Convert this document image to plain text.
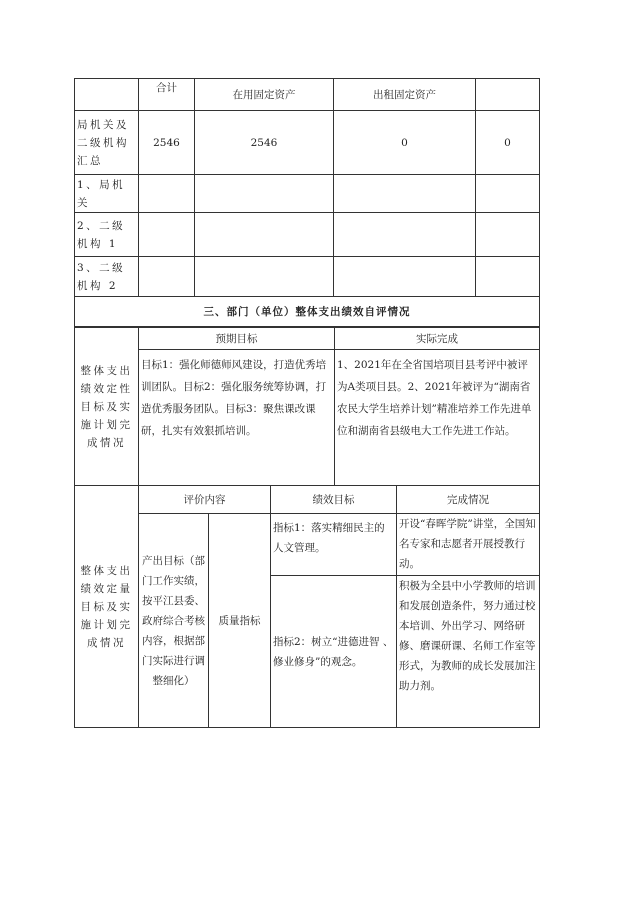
	合计	在用固定资产	出租固定资产	
局机关及二级机构汇总	2546	2546	0	0
1、局机关				
2、二级机构 1				
3、二级机构 2				
三、部门（单位）整体支出绩效自评情况				
整体支出绩效定性目标及实施计划完成情况	预期目标	实际完成
	目标1：强化师德师风建设，打造优秀培训团队。目标2：强化服务统筹协调，打造优秀服务团队。目标3：聚焦课改课研，扎实有效狠抓培训。	1、2021年在全省国培项目县考评中被评为A类项目县。2、2021年被评为“湖南省农民大学生培养计划”精准培养工作先进单位和湖南省县级电大工作先进工作站。
整体支出绩效定量目标及实施计划完成情况	评价内容		绩效目标	完成情况
	产出目标（部门工作实绩，按平江县委、政府综合考核内容，根据部门实际进行调整细化）	质量指标	指标1：落实精细民主的人文管理。	开设“春晖学院”讲堂，全国知名专家和志愿者开展授教行动。
			指标2：树立“进德进智 、修业修身”的观念。	积极为全县中小学教师的培训和发展创造条件，努力通过校本培训、外出学习、网络研修、磨课研课、名师工作室等形式，为教师的成长发展加注助力剂。
